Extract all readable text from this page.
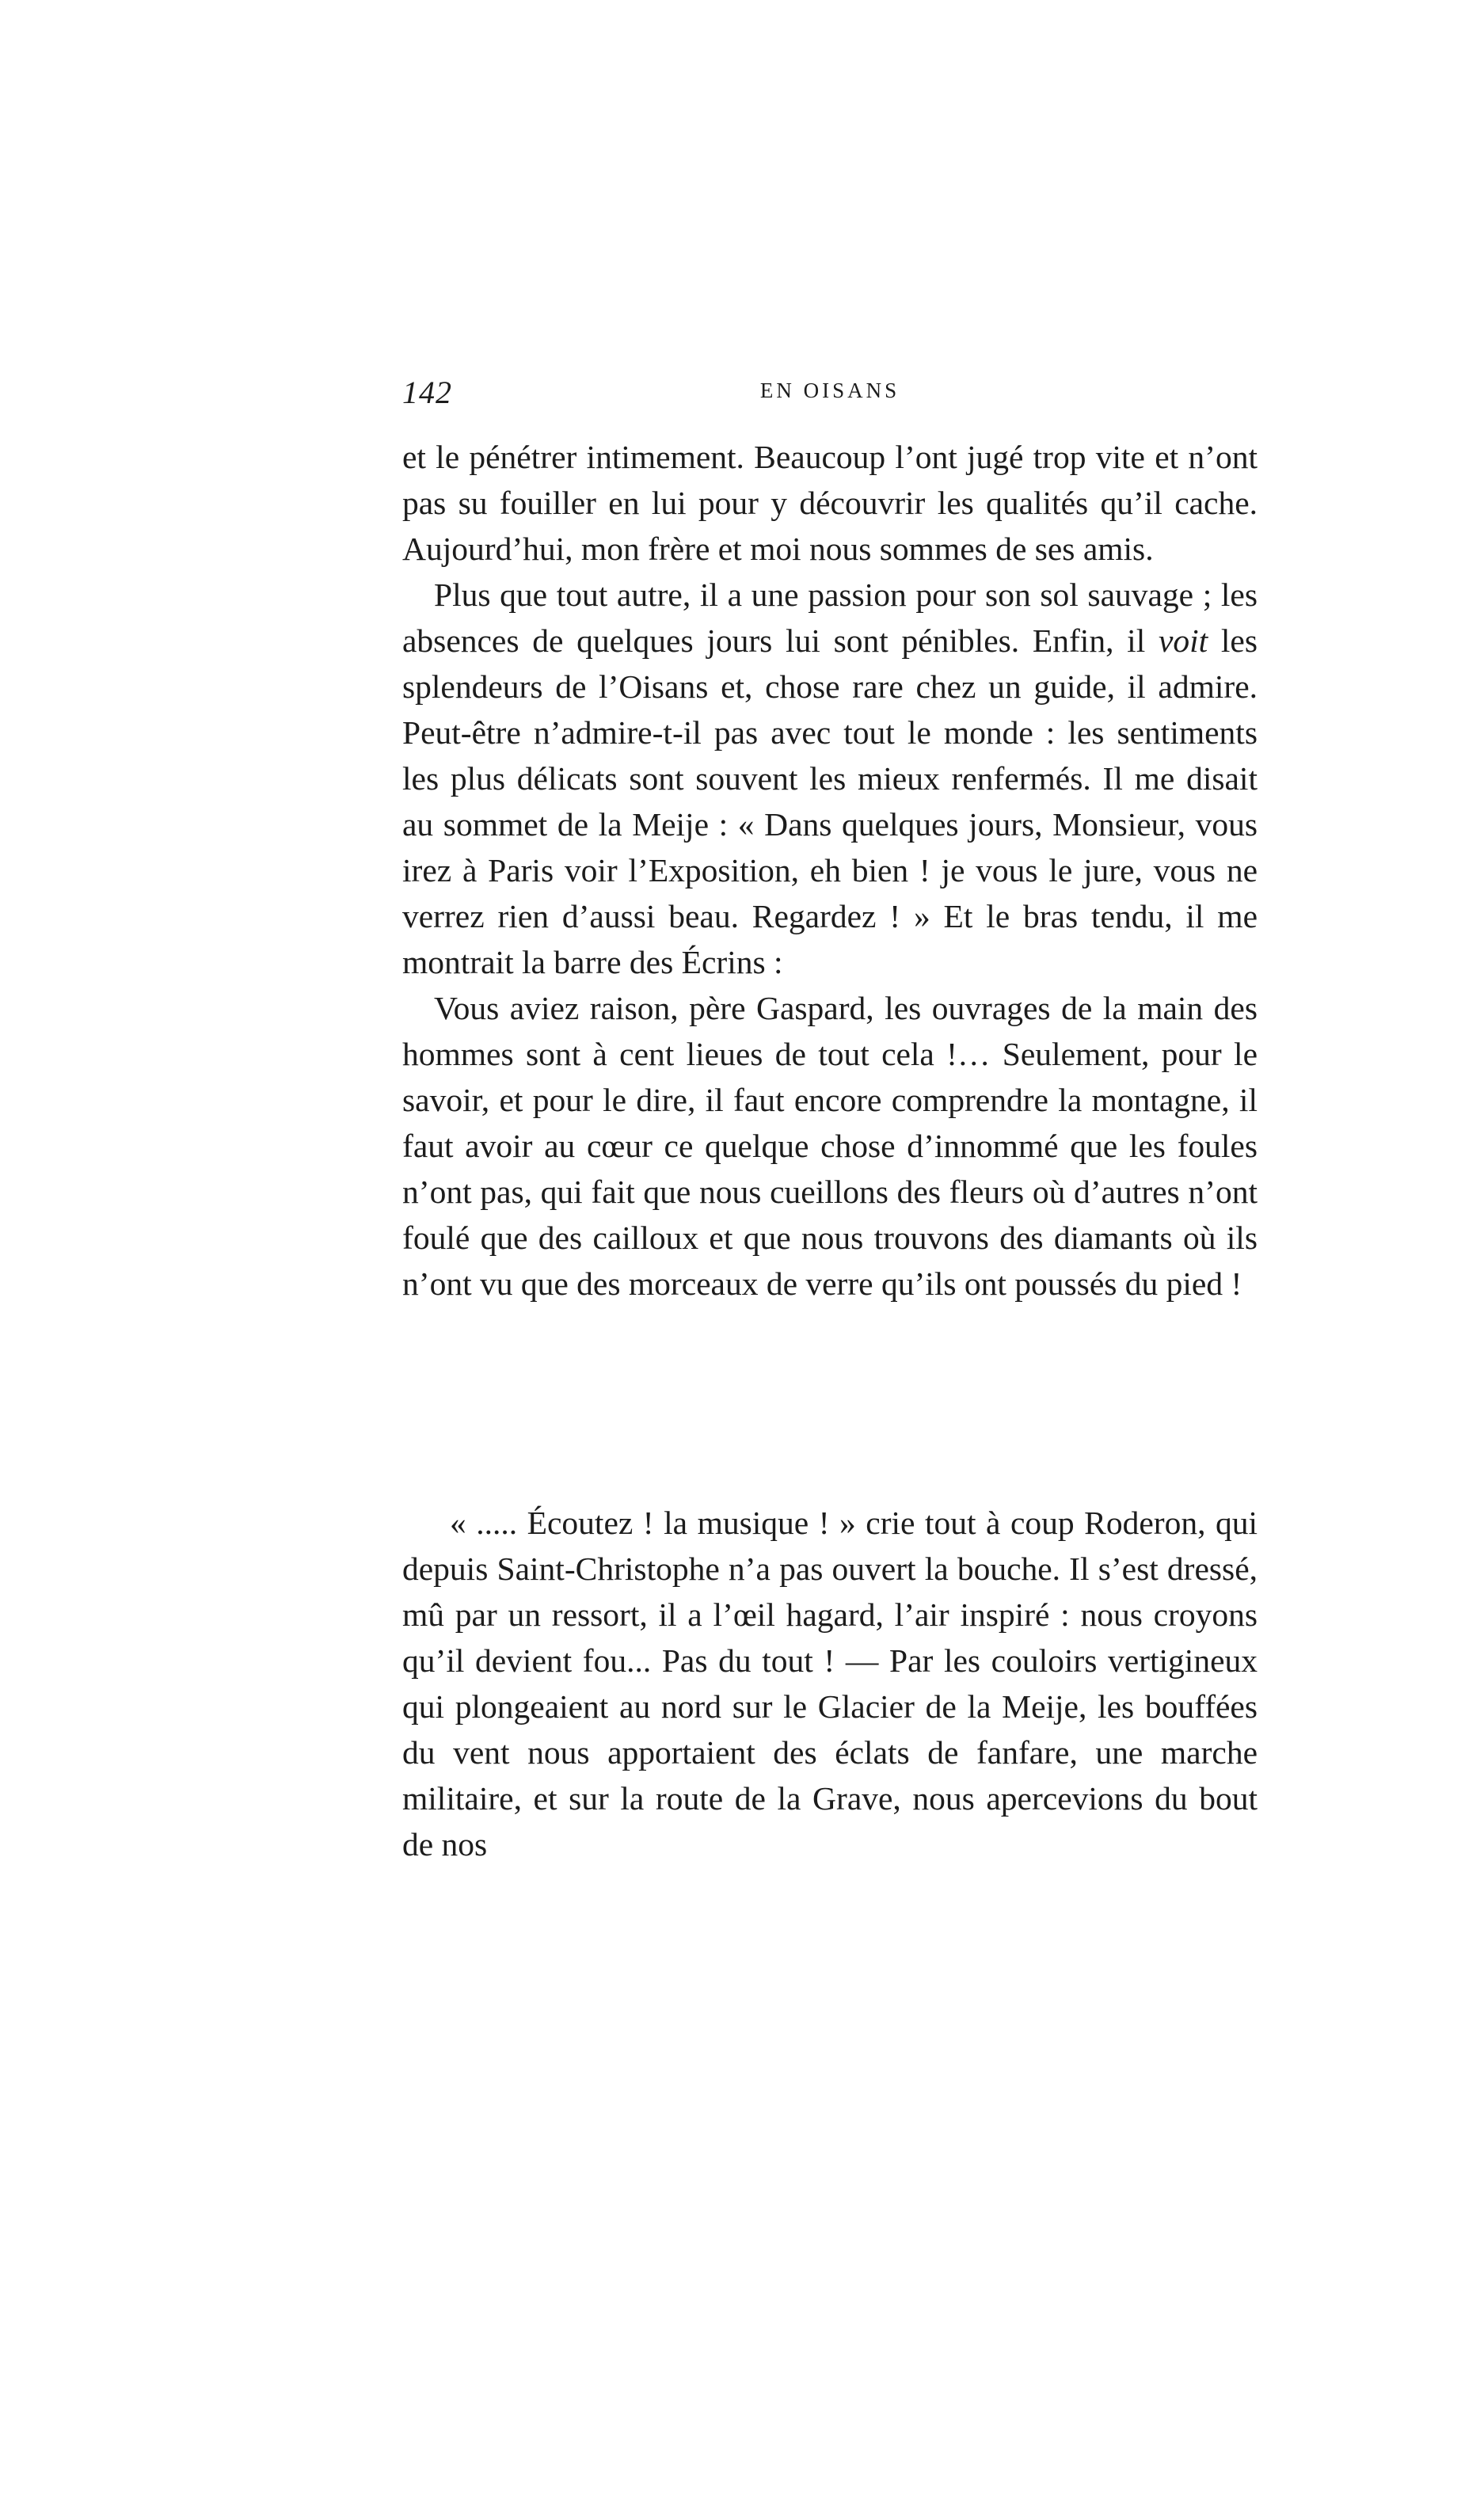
142	EN OISANS

et le pénétrer intimement. Beaucoup l’ont jugé trop vite et n’ont pas su fouiller en lui pour y découvrir les qualités qu’il cache. Aujourd’hui, mon frère et moi nous sommes de ses amis.

Plus que tout autre, il a une passion pour son sol sauvage ; les absences de quelques jours lui sont pénibles. Enfin, il voit les splendeurs de l’Oisans et, chose rare chez un guide, il admire. Peut-être n’admire-t-il pas avec tout le monde : les sentiments les plus délicats sont souvent les mieux renfermés. Il me disait au sommet de la Meije : « Dans quelques jours, Monsieur, vous irez à Paris voir l’Exposition, eh bien ! je vous le jure, vous ne verrez rien d’aussi beau. Regardez ! » Et le bras tendu, il me montrait la barre des Écrins :

Vous aviez raison, père Gaspard, les ouvrages de la main des hommes sont à cent lieues de tout cela !… Seulement, pour le savoir, et pour le dire, il faut encore comprendre la montagne, il faut avoir au cœur ce quelque chose d’innommé que les foules n’ont pas, qui fait que nous cueillons des fleurs où d’autres n’ont foulé que des cailloux et que nous trouvons des diamants où ils n’ont vu que des morceaux de verre qu’ils ont poussés du pied !

« ..... Écoutez ! la musique ! » crie tout à coup Roderon, qui depuis Saint-Christophe n’a pas ouvert la bouche. Il s’est dressé, mû par un ressort, il a l’œil hagard, l’air inspiré : nous croyons qu’il devient fou... Pas du tout ! — Par les couloirs vertigineux qui plongeaient au nord sur le Glacier de la Meije, les bouffées du vent nous apportaient des éclats de fanfare, une marche militaire, et sur la route de la Grave, nous apercevions du bout de nos
